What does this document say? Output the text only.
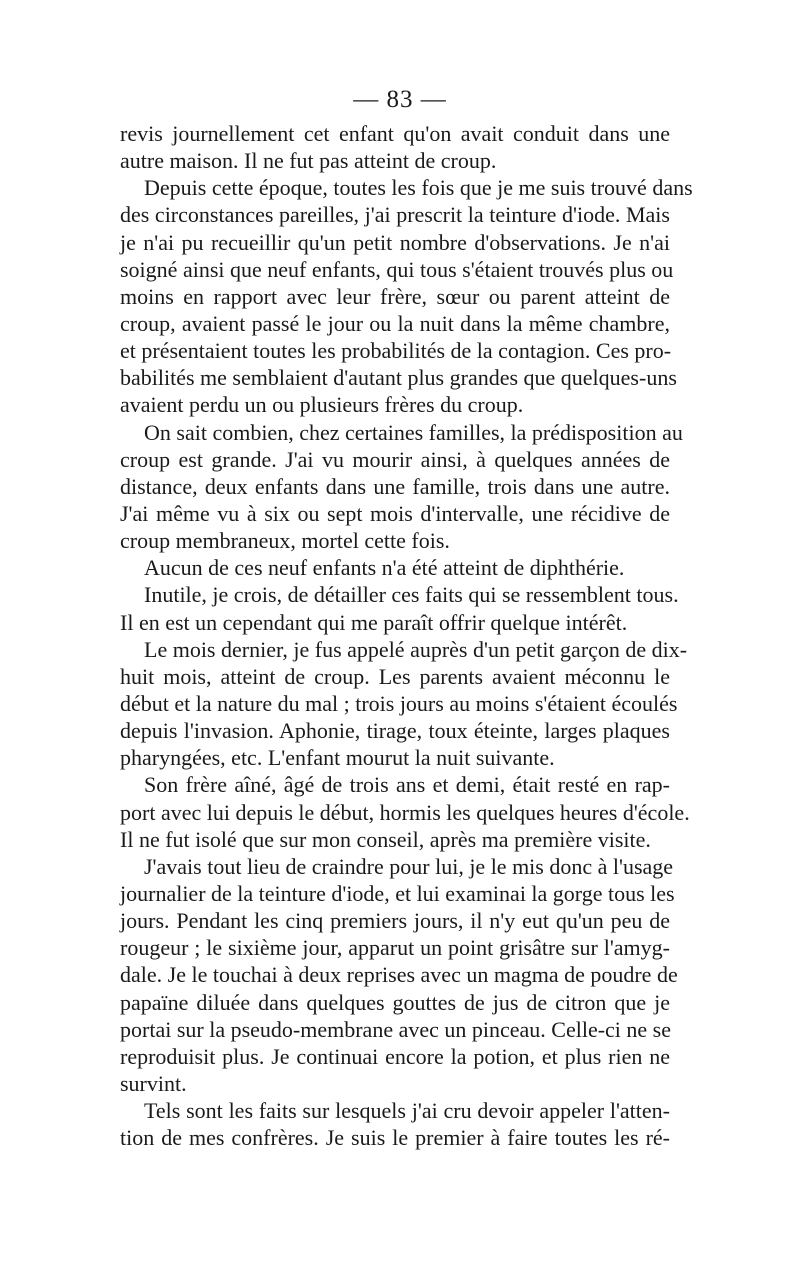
— 83 —
revis journellement cet enfant qu'on avait conduit dans une
autre maison. Il ne fut pas atteint de croup.
Depuis cette époque, toutes les fois que je me suis trouvé dans
des circonstances pareilles, j'ai prescrit la teinture d'iode. Mais
je n'ai pu recueillir qu'un petit nombre d'observations. Je n'ai
soigné ainsi que neuf enfants, qui tous s'étaient trouvés plus ou
moins en rapport avec leur frère, sœur ou parent atteint de
croup, avaient passé le jour ou la nuit dans la même chambre,
et présentaient toutes les probabilités de la contagion. Ces pro-
babilités me semblaient d'autant plus grandes que quelques-uns
avaient perdu un ou plusieurs frères du croup.
On sait combien, chez certaines familles, la prédisposition au
croup est grande. J'ai vu mourir ainsi, à quelques années de
distance, deux enfants dans une famille, trois dans une autre.
J'ai même vu à six ou sept mois d'intervalle, une récidive de
croup membraneux, mortel cette fois.
Aucun de ces neuf enfants n'a été atteint de diphthérie.
Inutile, je crois, de détailler ces faits qui se ressemblent tous.
Il en est un cependant qui me paraît offrir quelque intérêt.
Le mois dernier, je fus appelé auprès d'un petit garçon de dix-
huit mois, atteint de croup. Les parents avaient méconnu le
début et la nature du mal ; trois jours au moins s'étaient écoulés
depuis l'invasion. Aphonie, tirage, toux éteinte, larges plaques
pharyngées, etc. L'enfant mourut la nuit suivante.
Son frère aîné, âgé de trois ans et demi, était resté en rap-
port avec lui depuis le début, hormis les quelques heures d'école.
Il ne fut isolé que sur mon conseil, après ma première visite.
J'avais tout lieu de craindre pour lui, je le mis donc à l'usage
journalier de la teinture d'iode, et lui examinai la gorge tous les
jours. Pendant les cinq premiers jours, il n'y eut qu'un peu de
rougeur ; le sixième jour, apparut un point grisâtre sur l'amyg-
dale. Je le touchai à deux reprises avec un magma de poudre de
papaïne diluée dans quelques gouttes de jus de citron que je
portai sur la pseudo-membrane avec un pinceau. Celle-ci ne se
reproduisit plus. Je continuai encore la potion, et plus rien ne
survint.
Tels sont les faits sur lesquels j'ai cru devoir appeler l'atten-
tion de mes confrères. Je suis le premier à faire toutes les ré-
